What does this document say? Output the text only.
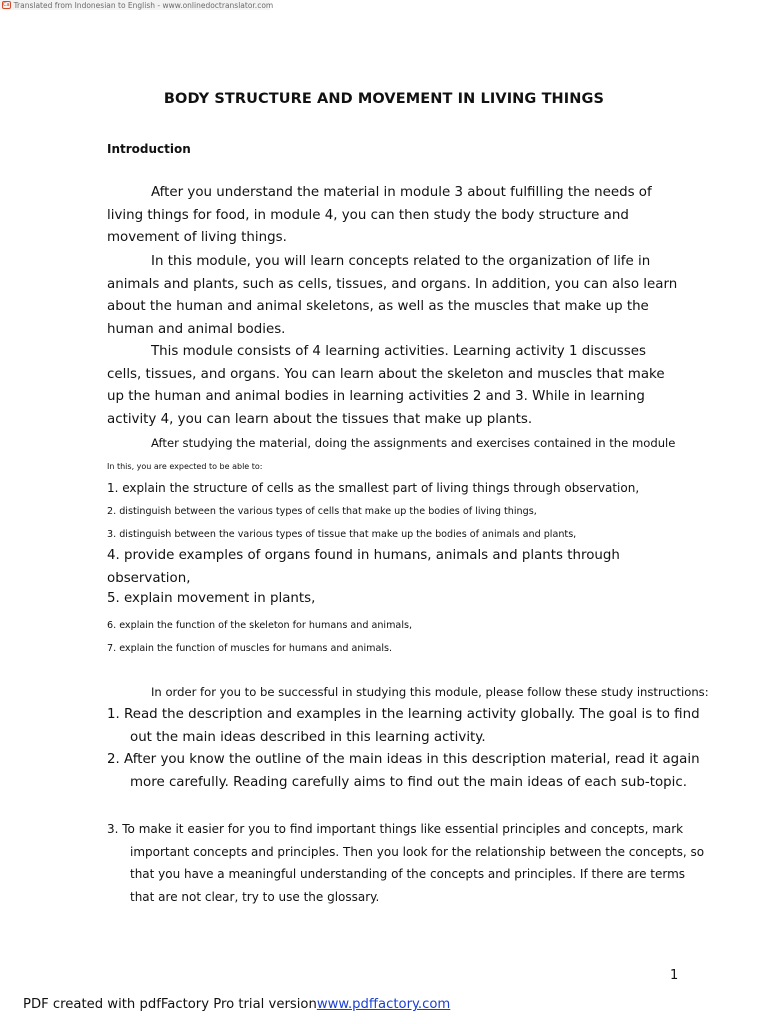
Ca Translated from Indonesian to English - www.onlinedoctranslator.com
BODY STRUCTURE AND MOVEMENT IN LIVING THINGS

Introduction

After you understand the material in module 3 about fulfilling the needs of living things for food, in module 4, you can then study the body structure and movement of living things.

In this module, you will learn concepts related to the organization of life in animals and plants, such as cells, tissues, and organs. In addition, you can also learn about the human and animal skeletons, as well as the muscles that make up the human and animal bodies.

This module consists of 4 learning activities. Learning activity 1 discusses cells, tissues, and organs. You can learn about the skeleton and muscles that make up the human and animal bodies in learning activities 2 and 3. While in learning activity 4, you can learn about the tissues that make up plants.

After studying the material, doing the assignments and exercises contained in the module

In this, you are expected to be able to:

1. explain the structure of cells as the smallest part of living things through observation,

2. distinguish between the various types of cells that make up the bodies of living things,

3. distinguish between the various types of tissue that make up the bodies of animals and plants,

4. provide examples of organs found in humans, animals and plants through observation,

5. explain movement in plants,

6. explain the function of the skeleton for humans and animals,

7. explain the function of muscles for humans and animals.

In order for you to be successful in studying this module, please follow these study instructions:

1. Read the description and examples in the learning activity globally. The goal is to find out the main ideas described in this learning activity.

2. After you know the outline of the main ideas in this description material, read it again more carefully. Reading carefully aims to find out the main ideas of each sub-topic.

3. To make it easier for you to find important things like essential principles and concepts, mark important concepts and principles. Then you look for the relationship between the concepts, so that you have a meaningful understanding of the concepts and principles. If there are terms that are not clear, try to use the glossary.

1

PDF created with pdfFactory Pro trial versionwww.pdffactory.com
